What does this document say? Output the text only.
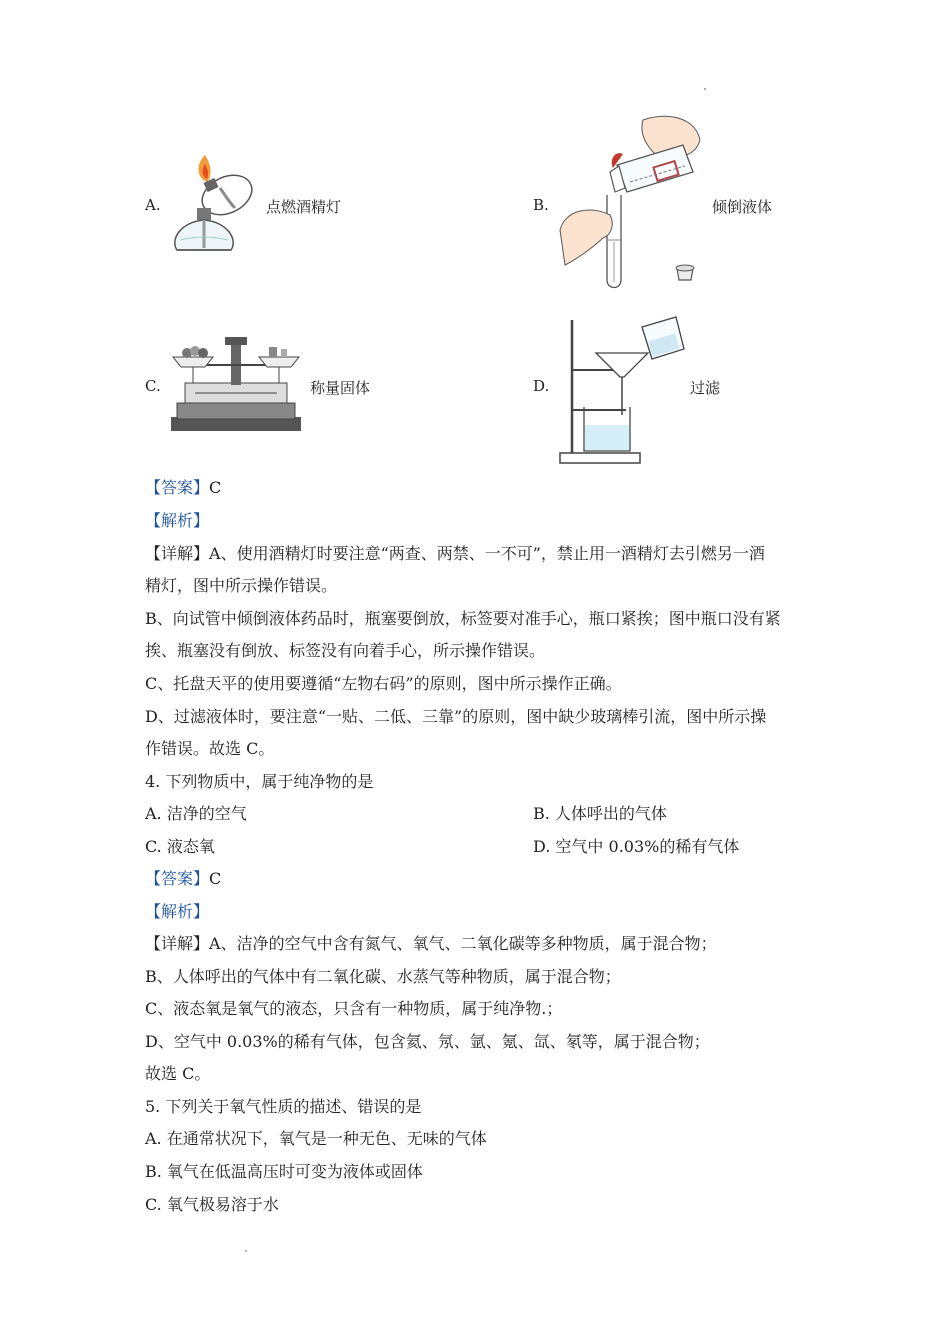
A.	点燃酒精灯	B.	倾倒液体
C.	称量固体	D.	过滤
【答案】C
【解析】
【详解】A、使用酒精灯时要注意“两查、两禁、一不可”，禁止用一酒精灯去引燃另一酒
精灯，图中所示操作错误。
B、向试管中倾倒液体药品时，瓶塞要倒放，标签要对准手心，瓶口紧挨；图中瓶口没有紧
挨、瓶塞没有倒放、标签没有向着手心，所示操作错误。
C、托盘天平的使用要遵循“左物右码”的原则，图中所示操作正确。
D、过滤液体时，要注意“一贴、二低、三靠”的原则，图中缺少玻璃棒引流，图中所示操
作错误。故选 C。
4. 下列物质中，属于纯净物的是
A. 洁净的空气	B. 人体呼出的气体
C. 液态氧	D. 空气中 0.03%的稀有气体
【答案】C
【解析】
【详解】A、洁净的空气中含有氮气、氧气、二氧化碳等多种物质，属于混合物；
B、人体呼出的气体中有二氧化碳、水蒸气等种物质，属于混合物；
C、液态氧是氧气的液态，只含有一种物质，属于纯净物.；
D、空气中 0.03%的稀有气体，包含氦、氖、氩、氪、氙、氡等，属于混合物；
故选 C。
5. 下列关于氧气性质的描述、错误的是
A. 在通常状况下，氧气是一种无色、无味的气体
B. 氧气在低温高压时可变为液体或固体
C. 氧气极易溶于水
